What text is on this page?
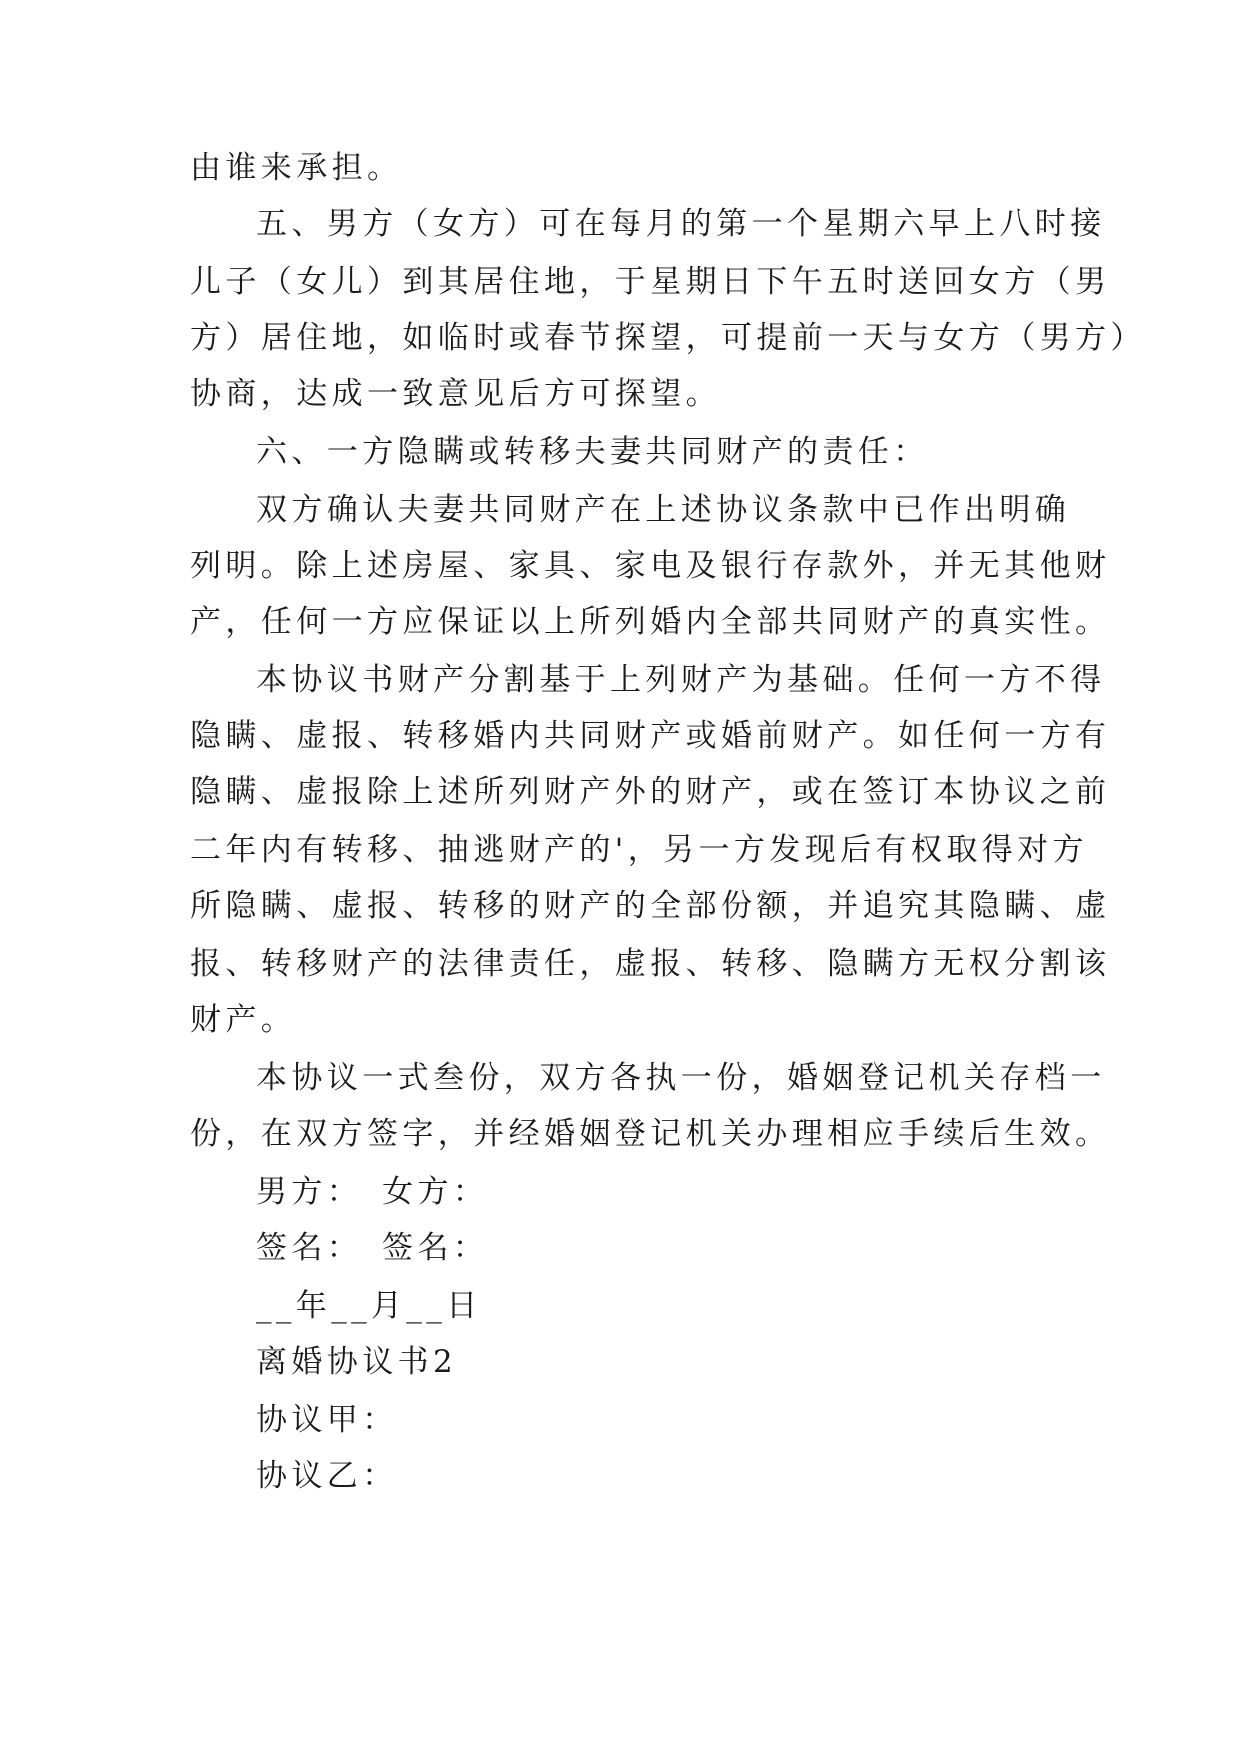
由谁来承担。

五、男方（女方）可在每月的第一个星期六早上八时接

儿子（女儿）到其居住地，于星期日下午五时送回女方（男

方）居住地，如临时或春节探望，可提前一天与女方（男方）

协商，达成一致意见后方可探望。

六、一方隐瞒或转移夫妻共同财产的责任：

双方确认夫妻共同财产在上述协议条款中已作出明确

列明。除上述房屋、家具、家电及银行存款外，并无其他财

产，任何一方应保证以上所列婚内全部共同财产的真实性。

本协议书财产分割基于上列财产为基础。任何一方不得

隐瞒、虚报、转移婚内共同财产或婚前财产。如任何一方有

隐瞒、虚报除上述所列财产外的财产，或在签订本协议之前

二年内有转移、抽逃财产的'，另一方发现后有权取得对方

所隐瞒、虚报、转移的财产的全部份额，并追究其隐瞒、虚

报、转移财产的法律责任，虚报、转移、隐瞒方无权分割该

财产。

本协议一式叁份，双方各执一份，婚姻登记机关存档一

份，在双方签字，并经婚姻登记机关办理相应手续后生效。

男方：　女方：

签名：　签名：

__年__月__日

离婚协议书2

协议甲：

协议乙：
